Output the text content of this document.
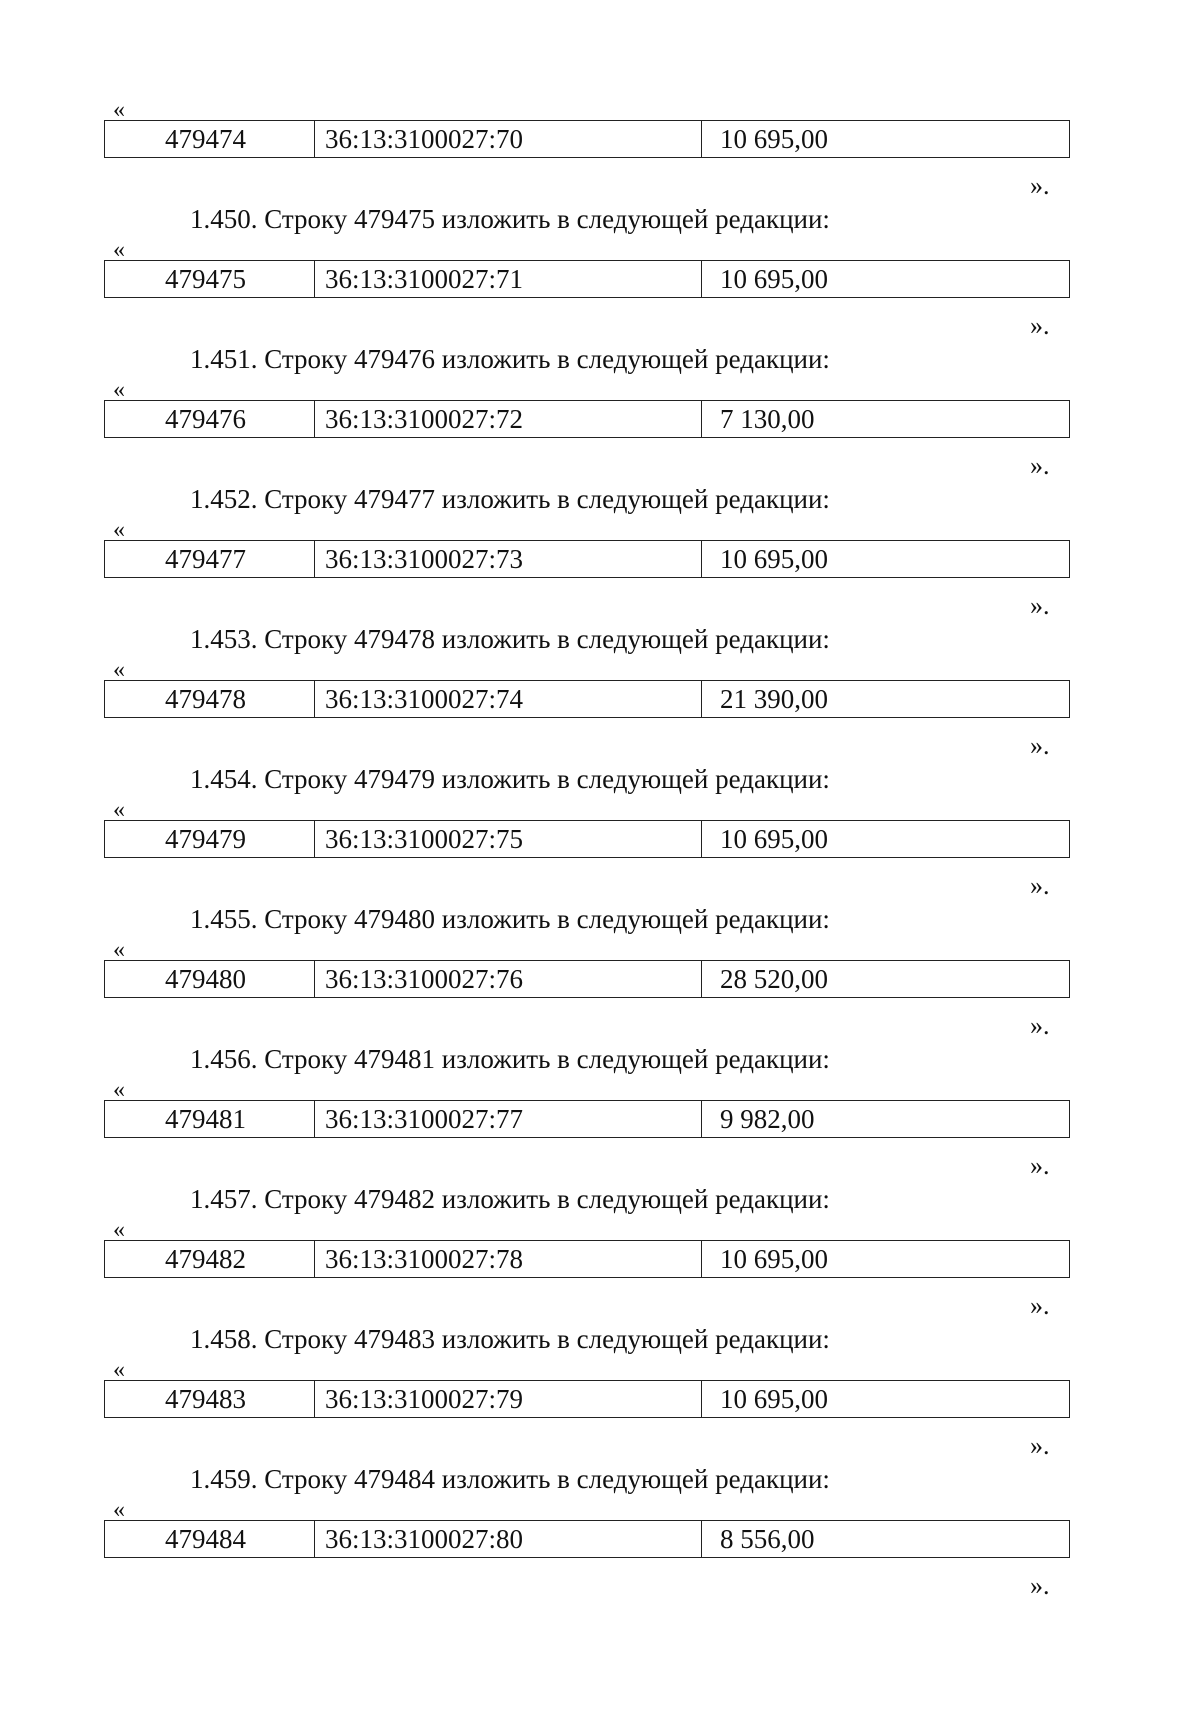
«
479474	36:13:3100027:70	10 695,00
».
1.450. Строку 479475 изложить в следующей редакции:
«
479475	36:13:3100027:71	10 695,00
».
1.451. Строку 479476 изложить в следующей редакции:
«
479476	36:13:3100027:72	7 130,00
».
1.452. Строку 479477 изложить в следующей редакции:
«
479477	36:13:3100027:73	10 695,00
».
1.453. Строку 479478 изложить в следующей редакции:
«
479478	36:13:3100027:74	21 390,00
».
1.454. Строку 479479 изложить в следующей редакции:
«
479479	36:13:3100027:75	10 695,00
».
1.455. Строку 479480 изложить в следующей редакции:
«
479480	36:13:3100027:76	28 520,00
».
1.456. Строку 479481 изложить в следующей редакции:
«
479481	36:13:3100027:77	9 982,00
».
1.457. Строку 479482 изложить в следующей редакции:
«
479482	36:13:3100027:78	10 695,00
».
1.458. Строку 479483 изложить в следующей редакции:
«
479483	36:13:3100027:79	10 695,00
».
1.459. Строку 479484 изложить в следующей редакции:
«
479484	36:13:3100027:80	8 556,00
».
